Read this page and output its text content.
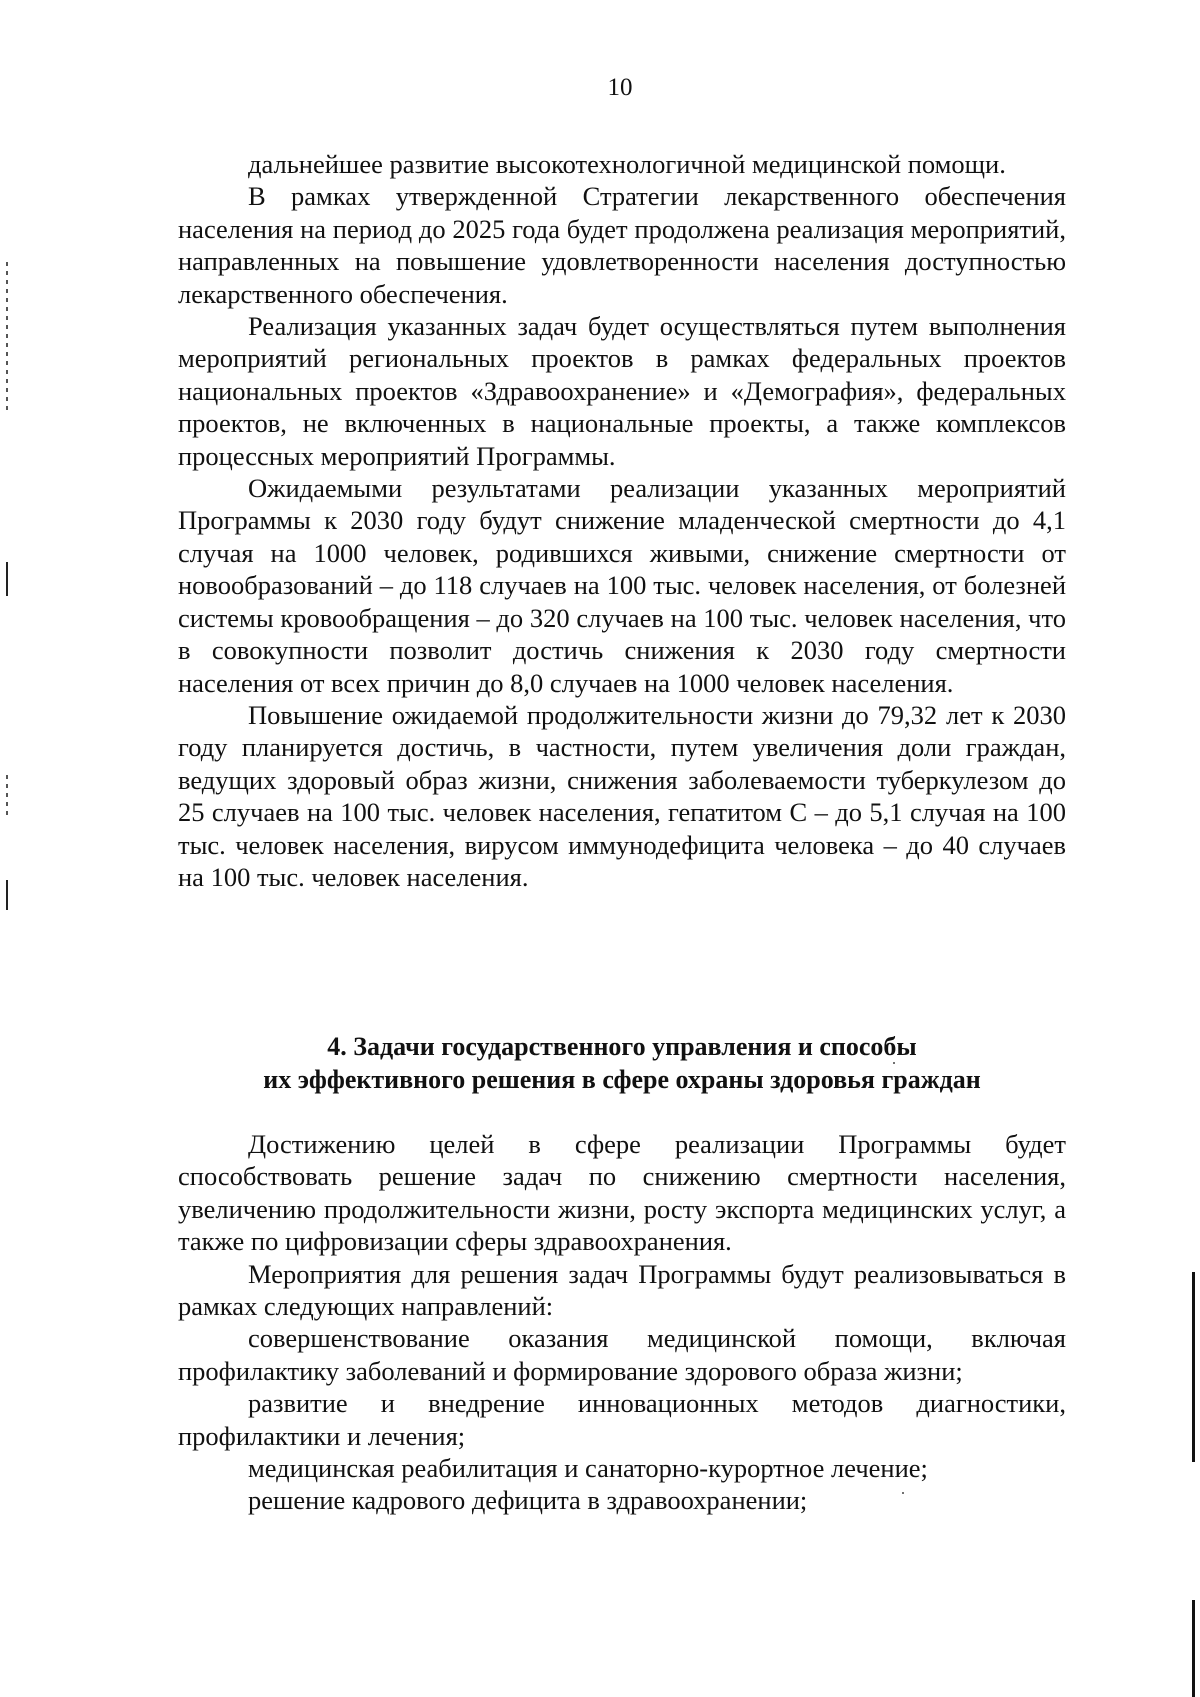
10

дальнейшее развитие высокотехнологичной медицинской помощи.

В рамках утвержденной Стратегии лекарственного обеспечения населения на период до 2025 года будет продолжена реализация мероприятий, направленных на повышение удовлетворенности населения доступностью лекарственного обеспечения.

Реализация указанных задач будет осуществляться путем выполнения мероприятий региональных проектов в рамках федеральных проектов национальных проектов «Здравоохранение» и «Демография», федеральных проектов, не включенных в национальные проекты, а также комплексов процессных мероприятий Программы.

Ожидаемыми результатами реализации указанных мероприятий Программы к 2030 году будут снижение младенческой смертности до 4,1 случая на 1000 человек, родившихся живыми, снижение смертности от новообразований – до 118 случаев на 100 тыс. человек населения, от болезней системы кровообращения – до 320 случаев на 100 тыс. человек населения, что в совокупности позволит достичь снижения к 2030 году смертности населения от всех причин до 8,0 случаев на 1000 человек населения.

Повышение ожидаемой продолжительности жизни до 79,32 лет к 2030 году планируется достичь, в частности, путем увеличения доли граждан, ведущих здоровый образ жизни, снижения заболеваемости туберкулезом до 25 случаев на 100 тыс. человек населения, гепатитом С – до 5,1 случая на 100 тыс. человек населения, вирусом иммунодефицита человека – до 40 случаев на 100 тыс. человек населения.

4. Задачи государственного управления и способы
их эффективного решения в сфере охраны здоровья граждан

Достижению целей в сфере реализации Программы будет способствовать решение задач по снижению смертности населения, увеличению продолжительности жизни, росту экспорта медицинских услуг, а также по цифровизации сферы здравоохранения.

Мероприятия для решения задач Программы будут реализовываться в рамках следующих направлений:

совершенствование оказания медицинской помощи, включая профилактику заболеваний и формирование здорового образа жизни;

развитие и внедрение инновационных методов диагностики, профилактики и лечения;

медицинская реабилитация и санаторно-курортное лечение;

решение кадрового дефицита в здравоохранении;
